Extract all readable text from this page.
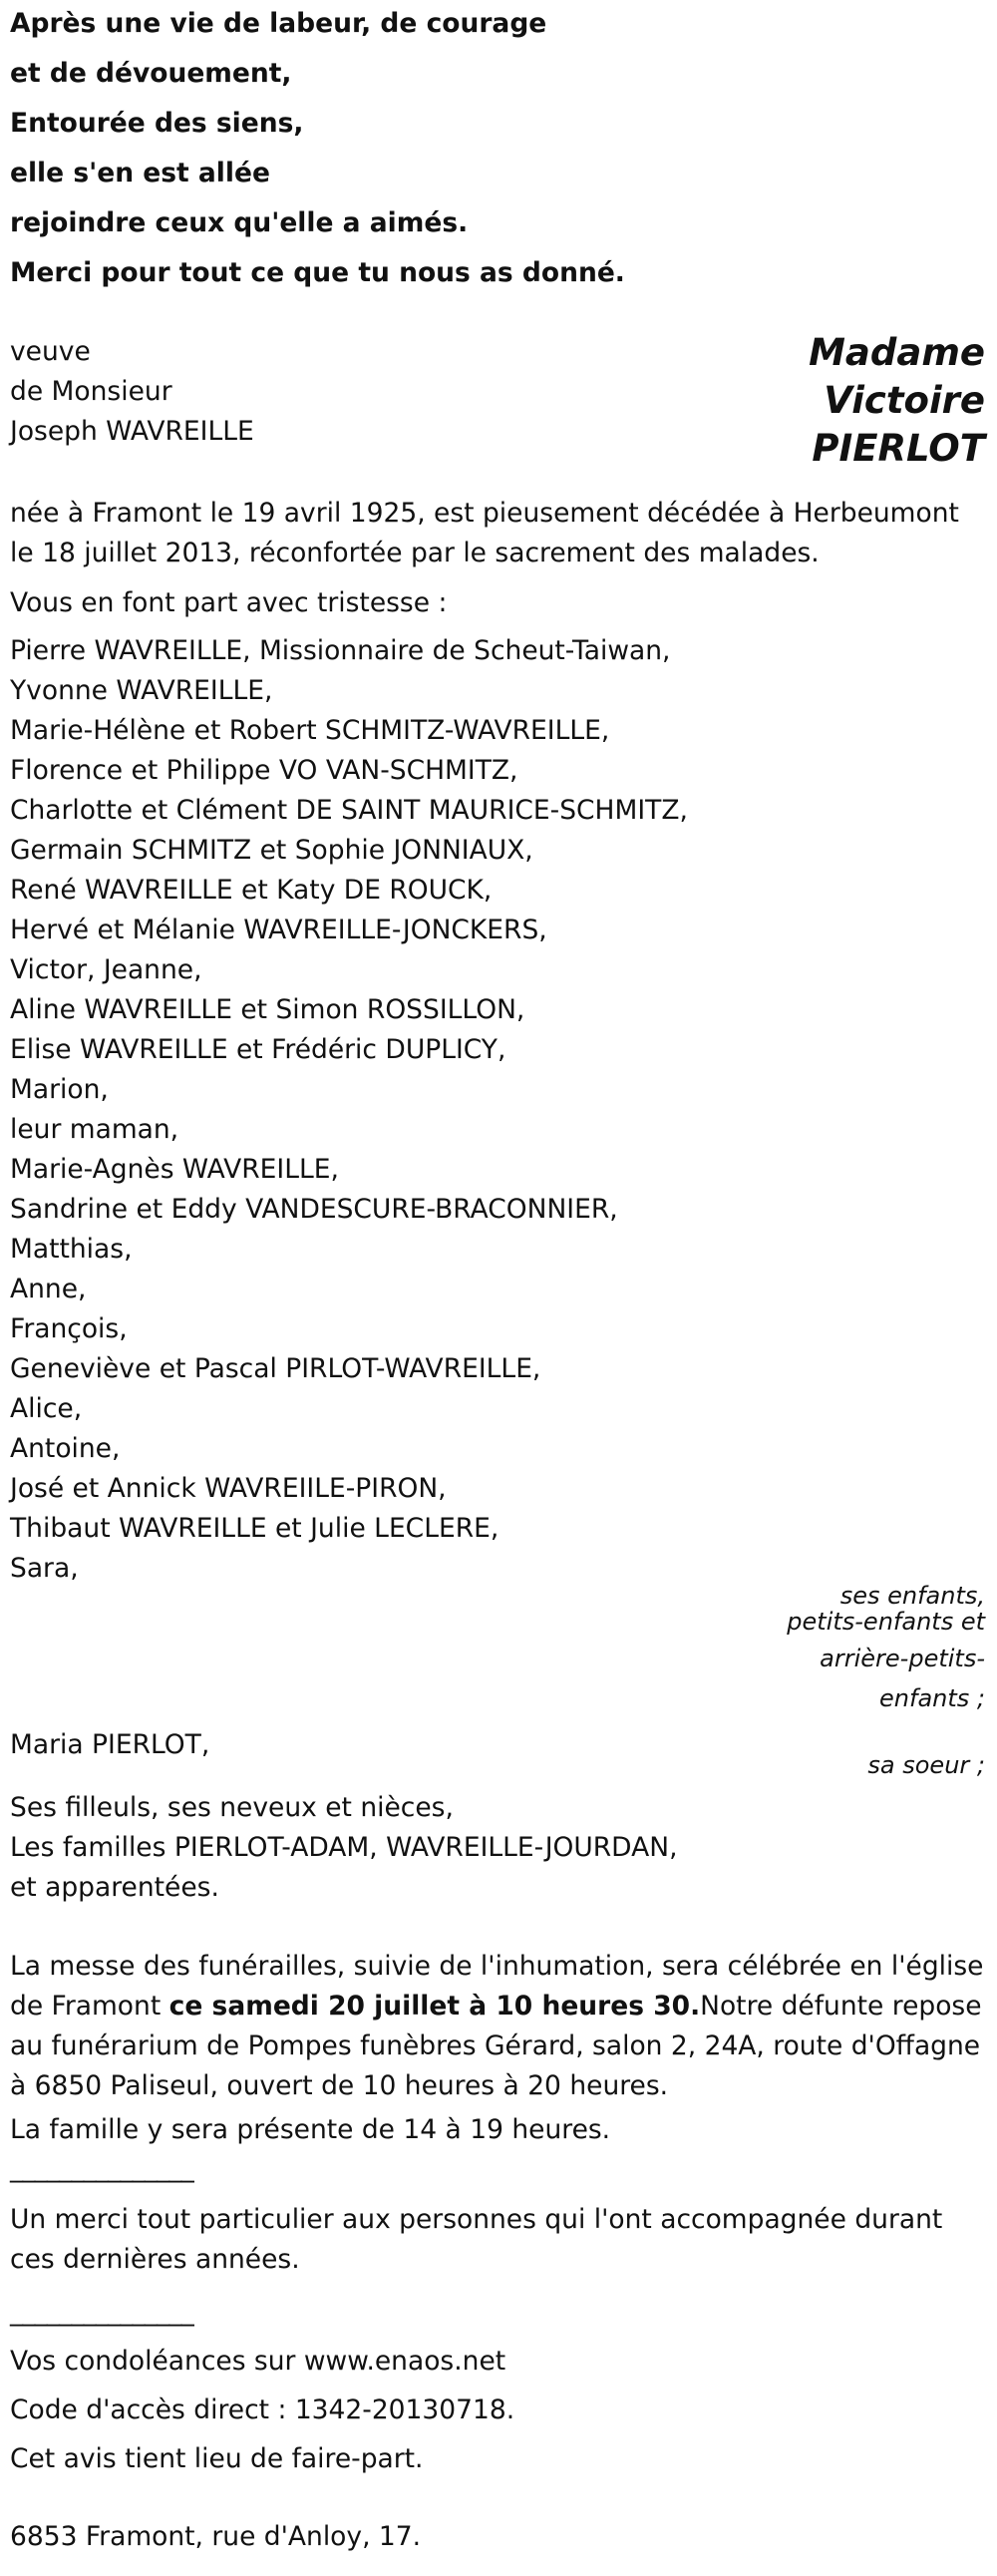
Après une vie de labeur, de courage

et de dévouement,

Entourée des siens,

elle s'en est allée

rejoindre ceux qu'elle a aimés.

Merci pour tout ce que tu nous as donné.

veuve

de Monsieur

Joseph WAVREILLE

Madame

Victoire

PIERLOT

née à Framont le 19 avril 1925, est pieusement décédée à Herbeumont le 18 juillet 2013, réconfortée par le sacrement des malades.

Vous en font part avec tristesse :

Pierre WAVREILLE, Missionnaire de Scheut-Taiwan,
Yvonne WAVREILLE,
Marie-Hélène et Robert SCHMITZ-WAVREILLE,
Florence et Philippe VO VAN-SCHMITZ,
Charlotte et Clément DE SAINT MAURICE-SCHMITZ,
Germain SCHMITZ et Sophie JONNIAUX,
René WAVREILLE et Katy DE ROUCK,
Hervé et Mélanie WAVREILLE-JONCKERS,
Victor, Jeanne,
Aline WAVREILLE et Simon ROSSILLON,
Elise WAVREILLE et Frédéric DUPLICY,
Marion,
leur maman,
Marie-Agnès WAVREILLE,
Sandrine et Eddy VANDESCURE-BRACONNIER,
Matthias,
Anne,
François,
Geneviève et Pascal PIRLOT-WAVREILLE,
Alice,
Antoine,
José et Annick WAVREIILE-PIRON,
Thibaut WAVREILLE et Julie LECLERE,
Sara,

ses enfants,

petits-enfants et

arrière-petits-

enfants ;

Maria PIERLOT,

sa soeur ;

Ses filleuls, ses neveux et nièces,

Les familles PIERLOT-ADAM, WAVREILLE-JOURDAN,

et apparentées.

La messe des funérailles, suivie de l'inhumation, sera célébrée en l'église de Framont ce samedi 20 juillet à 10 heures 30.Notre défunte repose au funérarium de Pompes funèbres Gérard, salon 2, 24A, route d'Offagne à 6850 Paliseul, ouvert de 10 heures à 20 heures.

La famille y sera présente de 14 à 19 heures.

_______________

Un merci tout particulier aux personnes qui l'ont accompagnée durant ces dernières années.

_______________

Vos condoléances sur www.enaos.net

Code d'accès direct : 1342-20130718.

Cet avis tient lieu de faire-part.

6853 Framont, rue d'Anloy, 17.
